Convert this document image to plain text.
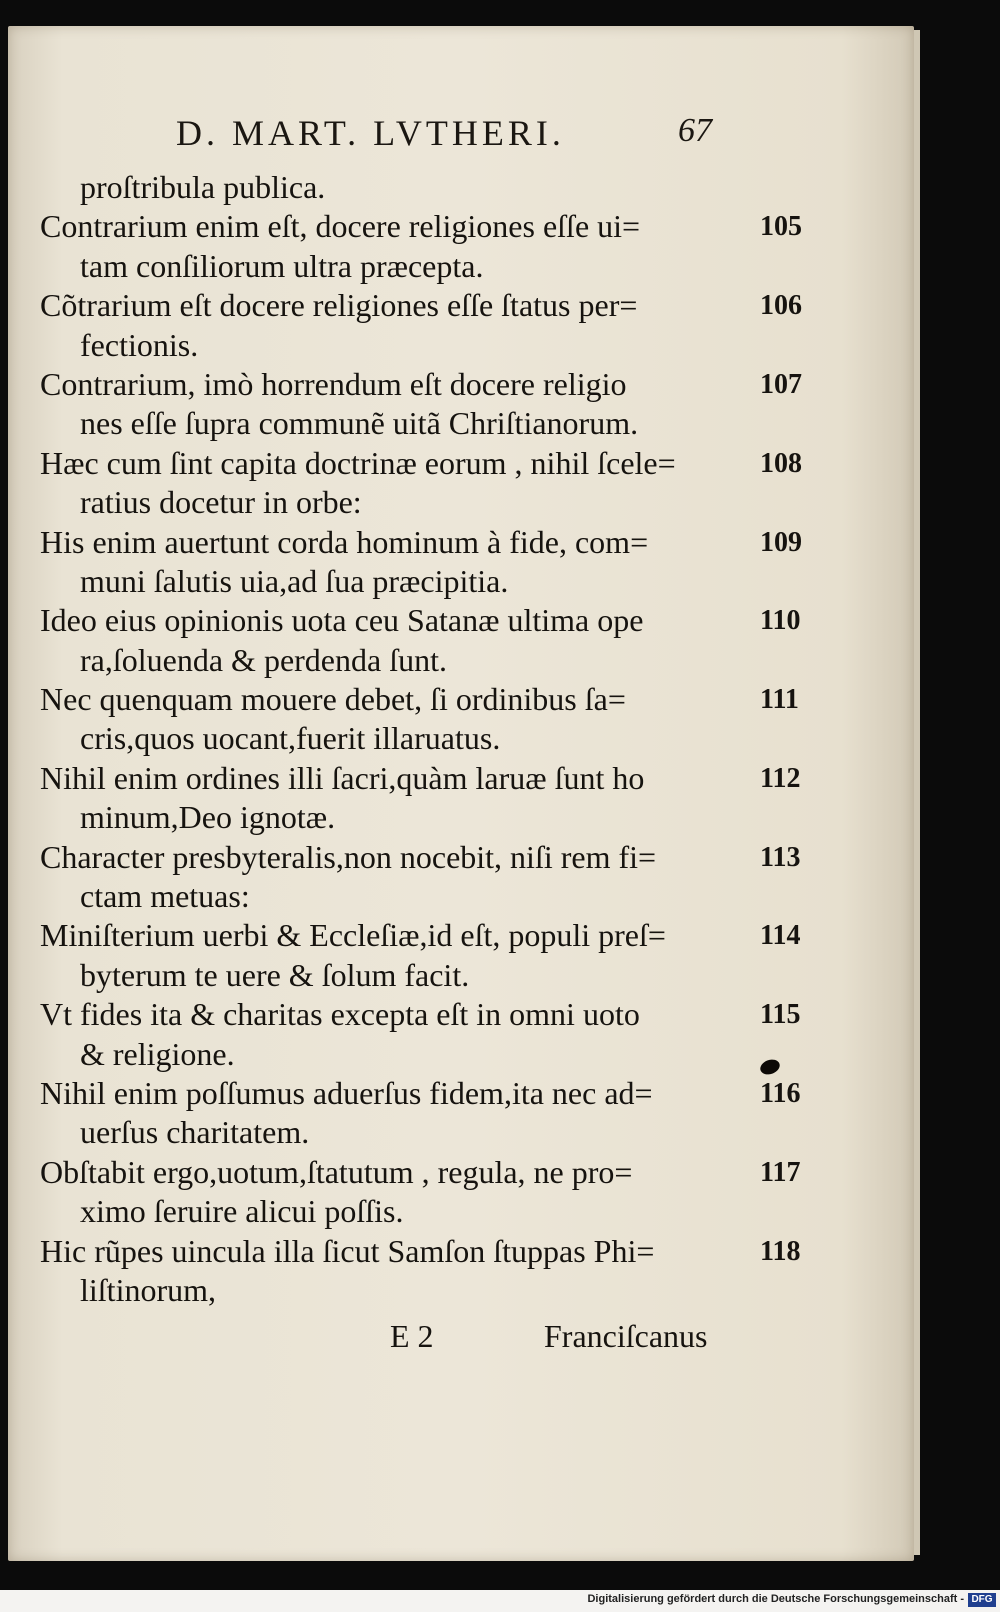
D. MART. LVTHERI.	67
proſtribula publica.
Contrarium enim eſt, docere religiones eſſe ui=	105
tam conſiliorum ultra præcepta.
Cõtrarium eſt docere religiones eſſe ſtatus per=	106
fectionis.
Contrarium, imò horrendum eſt docere religio	107
nes eſſe ſupra communẽ uitã Chriſtianorum.
Hæc cum ſint capita doctrinæ eorum , nihil ſcele=	108
ratius docetur in orbe:
His enim auertunt corda hominum à fide, com=	109
muni ſalutis uia,ad ſua præcipitia.
Ideo eius opinionis uota ceu Satanæ ultima ope	110
ra,ſoluenda & perdenda ſunt.
Nec quenquam mouere debet, ſi ordinibus ſa=	111
cris,quos uocant,fuerit illaruatus.
Nihil enim ordines illi ſacri,quàm laruæ ſunt ho	112
minum,Deo ignotæ.
Character presbyteralis,non nocebit, niſi rem fi=	113
ctam metuas:
Miniſterium uerbi & Eccleſiæ,id eſt, populi preſ=	114
byterum te uere & ſolum facit.
Vt fides ita & charitas excepta eſt in omni uoto	115
& religione.
Nihil enim poſſumus aduerſus fidem,ita nec ad=	116
uerſus charitatem.
Obſtabit ergo,uotum,ſtatutum , regula, ne pro=	117
ximo ſeruire alicui poſſis.
Hic rũpes uincula illa ſicut Samſon ſtuppas Phi=	118
liſtinorum,
E 2	Franciſcanus
Digitalisierung gefördert durch die Deutsche Forschungsgemeinschaft - DFG
